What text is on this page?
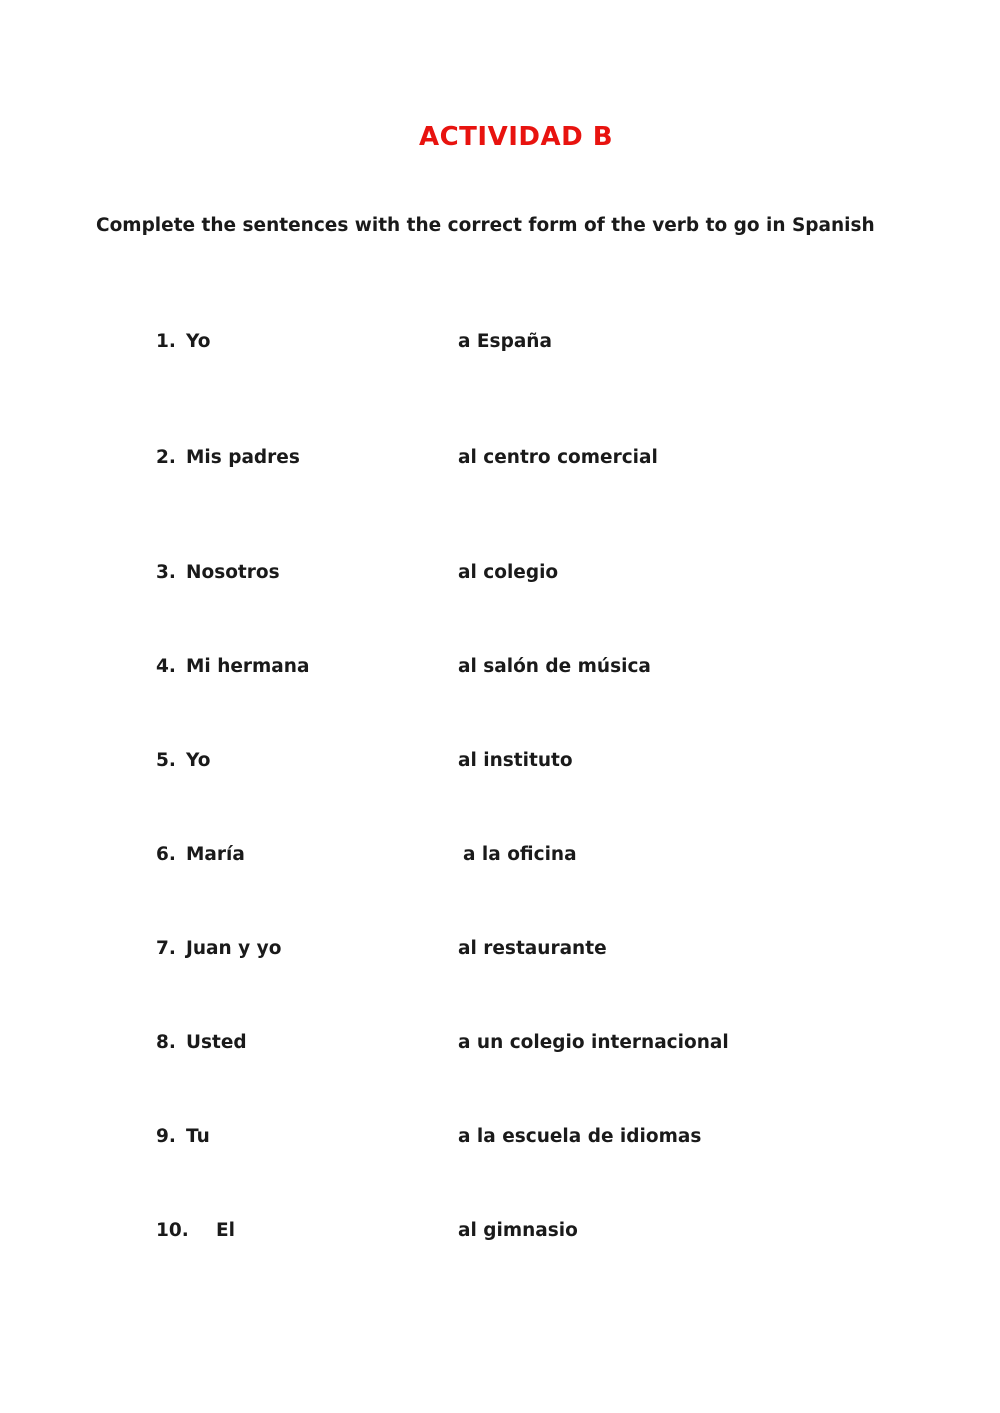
ACTIVIDAD B

Complete the sentences with the correct form of the verb to go in Spanish

1. Yo	a España
2. Mis padres	al centro comercial
3. Nosotros	al colegio
4. Mi hermana	al salón de música
5. Yo	al instituto
6. María	a la oficina
7. Juan y yo	al restaurante
8. Usted	a un colegio internacional
9. Tu	a la escuela de idiomas
10. El	al gimnasio
